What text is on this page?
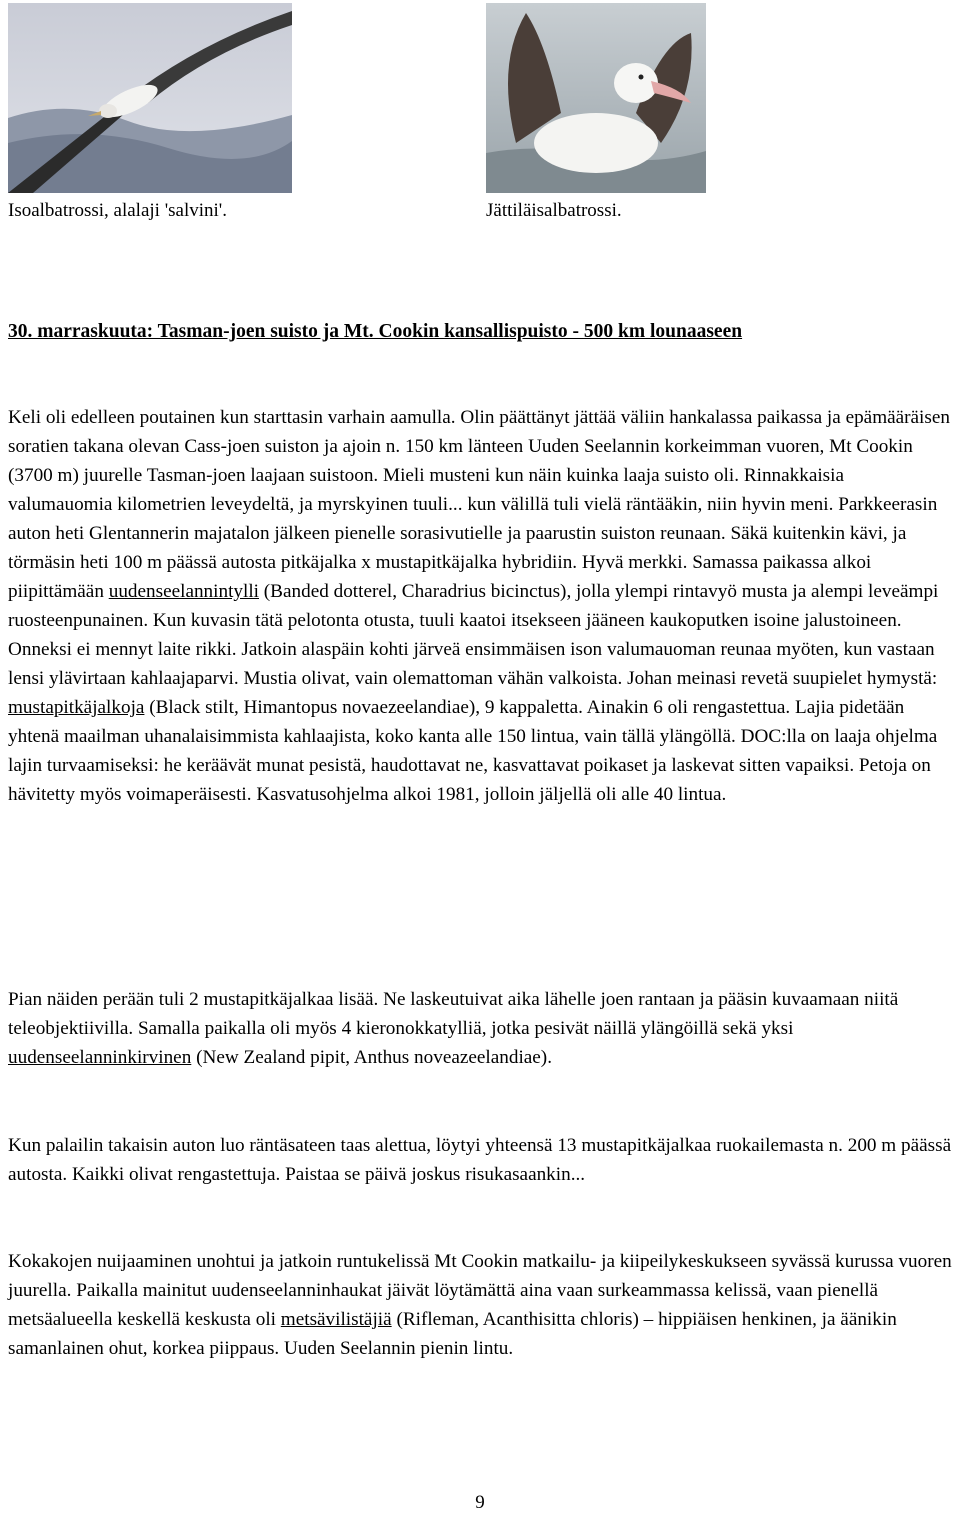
Isoalbatrossi, alalaji 'salvini'.	Jättiläisalbatrossi.
30. marraskuuta: Tasman-joen suisto ja Mt. Cookin kansallispuisto - 500 km lounaaseen

Keli oli edelleen poutainen kun starttasin varhain aamulla. Olin päättänyt jättää väliin hankalassa paikassa ja epämääräisen soratien takana olevan Cass-joen suiston ja ajoin n. 150 km länteen Uuden Seelannin korkeimman vuoren, Mt Cookin (3700 m) juurelle Tasman-joen laajaan suistoon. Mieli musteni kun näin kuinka laaja suisto oli. Rinnakkaisia valumauomia kilometrien leveydeltä, ja myrskyinen tuuli... kun välillä tuli vielä räntääkin, niin hyvin meni. Parkkeerasin auton heti Glentannerin majatalon jälkeen pienelle sorasivutielle ja paarustin suiston reunaan. Säkä kuitenkin kävi, ja törmäsin heti 100 m päässä autosta pitkäjalka x mustapitkäjalka hybridiin. Hyvä merkki. Samassa paikassa alkoi piipittämään uudenseelannintylli (Banded dotterel, Charadrius bicinctus), jolla ylempi rintavyö musta ja alempi leveämpi ruosteenpunainen. Kun kuvasin tätä pelotonta otusta, tuuli kaatoi itsekseen jääneen kaukoputken isoine jalustoineen. Onneksi ei mennyt laite rikki. Jatkoin alaspäin kohti järveä ensimmäisen ison valumauoman reunaa myöten, kun vastaan lensi ylävirtaan kahlaajaparvi. Mustia olivat, vain olemattoman vähän valkoista. Johan meinasi revetä suupielet hymystä: mustapitkäjalkoja (Black stilt, Himantopus novaezeelandiae), 9 kappaletta. Ainakin 6 oli rengastettua. Lajia pidetään yhtenä maailman uhanalaisimmista kahlaajista, koko kanta alle 150 lintua, vain tällä ylängöllä. DOC:lla on laaja ohjelma lajin turvaamiseksi: he keräävät munat pesistä, haudottavat ne, kasvattavat poikaset ja laskevat sitten vapaiksi. Petoja on hävitetty myös voimaperäisesti. Kasvatusohjelma alkoi 1981, jolloin jäljellä oli alle 40 lintua.

Pian näiden perään tuli 2 mustapitkäjalkaa lisää. Ne laskeutuivat aika lähelle joen rantaan ja pääsin kuvaamaan niitä teleobjektiivilla. Samalla paikalla oli myös 4 kieronokkatylliä, jotka pesivät näillä ylängöillä sekä yksi uudenseelanninkirvinen (New Zealand pipit, Anthus noveazeelandiae).

Kun palailin takaisin auton luo räntäsateen taas alettua, löytyi yhteensä 13 mustapitkäjalkaa ruokailemasta n. 200 m päässä autosta. Kaikki olivat rengastettuja. Paistaa se päivä joskus risukasaankin...

Kokakojen nuijaaminen unohtui ja jatkoin runtukelissä Mt Cookin matkailu- ja kiipeilykeskukseen syvässä kurussa vuoren juurella. Paikalla mainitut uudenseelanninhaukat jäivät löytämättä aina vaan surkeammassa kelissä, vaan pienellä metsäalueella keskellä keskusta oli metsävilistäjiä (Rifleman, Acanthisitta chloris) – hippiäisen henkinen, ja äänikin samanlainen ohut, korkea piippaus. Uuden Seelannin pienin lintu.

9
